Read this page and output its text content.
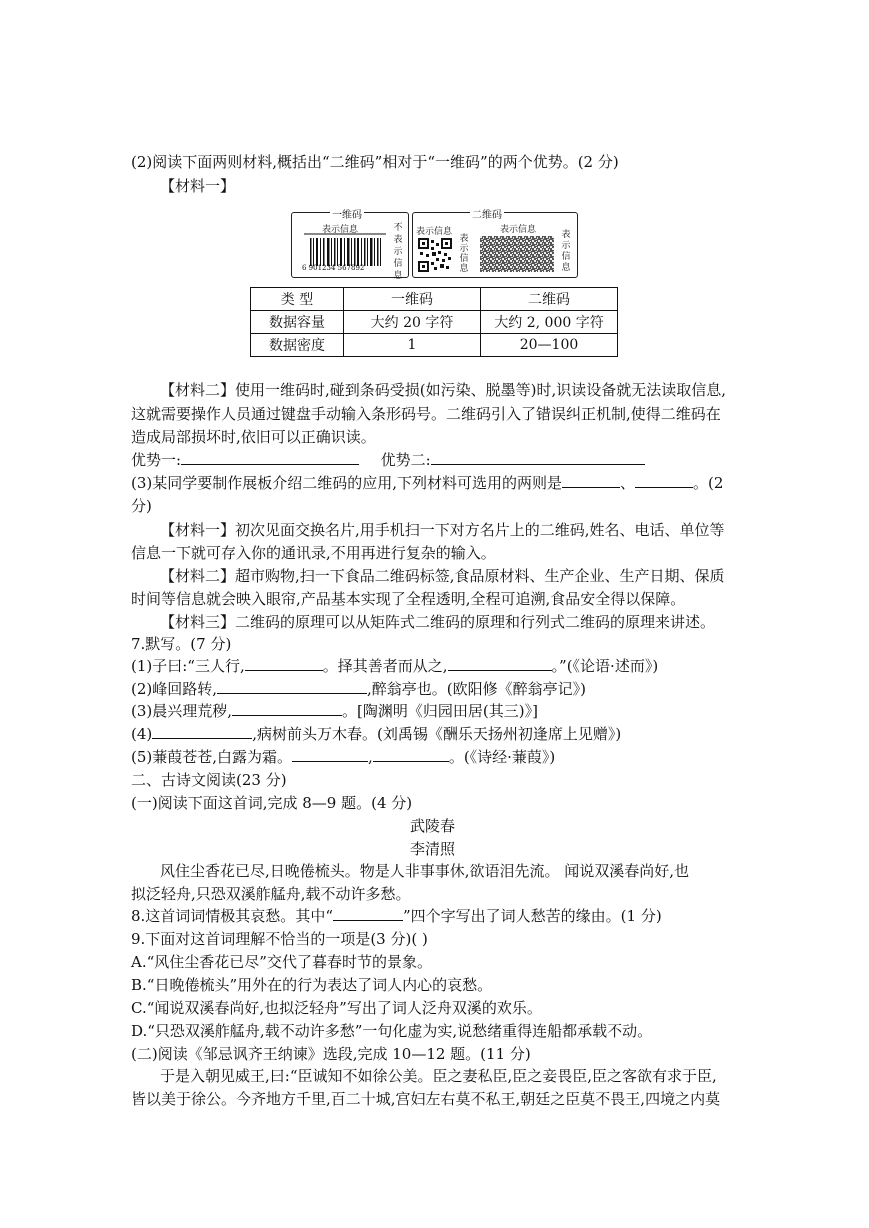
(2)阅读下面两则材料,概括出“二维码”相对于“一维码”的两个优势。(2 分)
【材料一】
一维码
表示信息
6 901234 567892
不表示信息
二维码
表示信息
表示信息
表示信息	表示信息
类 型	一维码	二维码
数据容量	大约 20 字符	大约 2, 000 字符
数据密度	1	20—100
【材料二】使用一维码时,碰到条码受损(如污染、脱墨等)时,识读设备就无法读取信息,
这就需要操作人员通过键盘手动输入条形码号。二维码引入了错误纠正机制,使得二维码在
造成局部损坏时,依旧可以正确识读。
优势一:	优势二:
(3)某同学要制作展板介绍二维码的应用,下列材料可选用的两则是	、	。(2
分)
【材料一】初次见面交换名片,用手机扫一下对方名片上的二维码,姓名、电话、单位等
信息一下就可存入你的通讯录,不用再进行复杂的输入。
【材料二】超市购物,扫一下食品二维码标签,食品原材料、生产企业、生产日期、保质
时间等信息就会映入眼帘,产品基本实现了全程透明,全程可追溯,食品安全得以保障。
【材料三】二维码的原理可以从矩阵式二维码的原理和行列式二维码的原理来讲述。
7.默写。(7 分)
(1)子曰:“三人行,	。择其善者而从之,	。”(《论语·述而》)
(2)峰回路转,	,醉翁亭也。(欧阳修《醉翁亭记》)
(3)晨兴理荒秽,	。[陶渊明《归园田居(其三)》]
(4)	,病树前头万木春。(刘禹锡《酬乐天扬州初逢席上见赠》)
(5)蒹葭苍苍,白露为霜。	,	。(《诗经·蒹葭》)
二、古诗文阅读(23 分)
(一)阅读下面这首词,完成 8—9 题。(4 分)
武陵春
李清照
风住尘香花已尽,日晚倦梳头。物是人非事事休,欲语泪先流。 闻说双溪春尚好,也
拟泛轻舟,只恐双溪舴艋舟,载不动许多愁。
8.这首词词情极其哀愁。其中“	”四个字写出了词人愁苦的缘由。(1 分)
9.下面对这首词理解不恰当的一项是(3 分)( )
A.“风住尘香花已尽”交代了暮春时节的景象。
B.“日晚倦梳头”用外在的行为表达了词人内心的哀愁。
C.“闻说双溪春尚好,也拟泛轻舟”写出了词人泛舟双溪的欢乐。
D.“只恐双溪舴艋舟,载不动许多愁”一句化虚为实,说愁绪重得连船都承载不动。
(二)阅读《邹忌讽齐王纳谏》选段,完成 10—12 题。(11 分)
于是入朝见威王,曰:“臣诚知不如徐公美。臣之妻私臣,臣之妾畏臣,臣之客欲有求于臣,
皆以美于徐公。今齐地方千里,百二十城,宫妇左右莫不私王,朝廷之臣莫不畏王,四境之内莫
